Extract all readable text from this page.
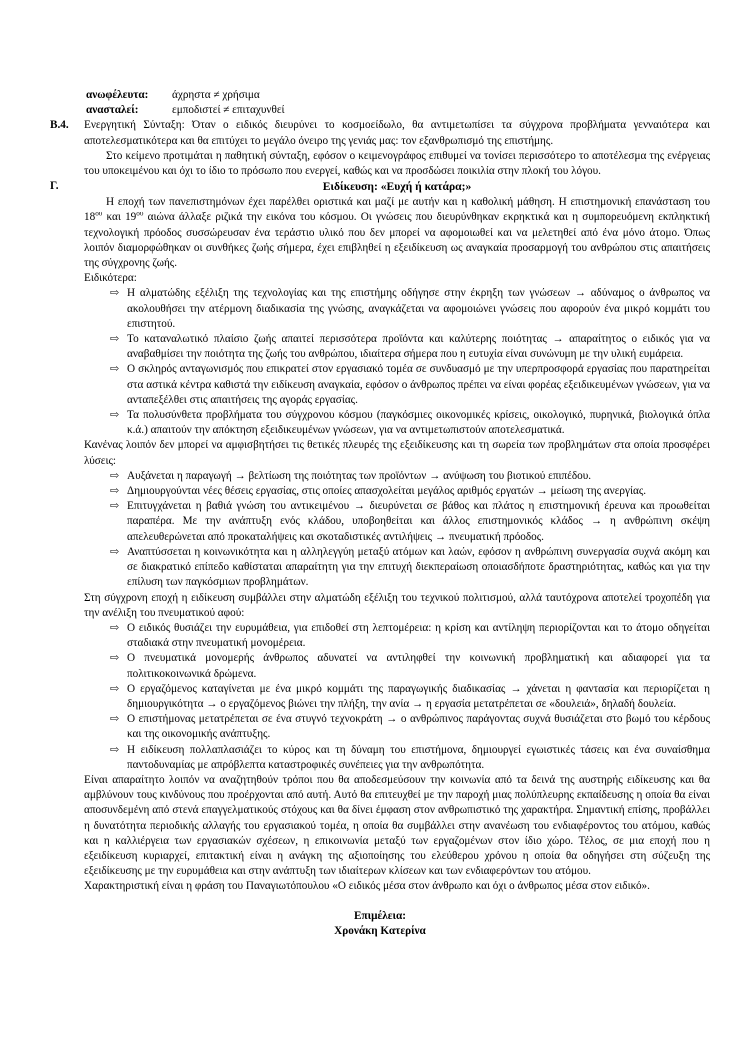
ανωφέλευτα:	άχρηστα ≠ χρήσιμα
ανασταλεί:	εμποδιστεί ≠ επιταχυνθεί
B.4.	Ενεργητική Σύνταξη: Όταν ο ειδικός διευρύνει το κοσμοείδωλο, θα αντιμετωπίσει τα σύγχρονα προβλήματα γενναιότερα και αποτελεσματικότερα και θα επιτύχει το μεγάλο όνειρο της γενιάς μας: τον εξανθρωπισμό της επιστήμης.

Στο κείμενο προτιμάται η παθητική σύνταξη, εφόσον ο κειμενογράφος επιθυμεί να τονίσει περισσότερο το αποτέλεσμα της ενέργειας του υποκειμένου και όχι το ίδιο το πρόσωπο που ενεργεί, καθώς και να προσδώσει ποικιλία στην πλοκή του λόγου.

Γ.	Ειδίκευση: «Ευχή ή κατάρα;»

Η εποχή των πανεπιστημόνων έχει παρέλθει οριστικά και μαζί με αυτήν και η καθολική μάθηση. Η επιστημονική επανάσταση του $18^{o\upsilon}$ και $19^{o\upsilon}$ αιώνα άλλαξε ριζικά την εικόνα του κόσμου. Οι γνώσεις που διευρύνθηκαν εκρηκτικά και η συμπορευόμενη εκπληκτική τεχνολογική πρόοδος συσσώρευσαν ένα τεράστιο υλικό που δεν μπορεί να αφομοιωθεί και να μελετηθεί από ένα μόνο άτομο. Όπως λοιπόν διαμορφώθηκαν οι συνθήκες ζωής σήμερα, έχει επιβληθεί η εξειδίκευση ως αναγκαία προσαρμογή του ανθρώπου στις απαιτήσεις της σύγχρονης ζωής.

Ειδικότερα:

⇨ Η αλματώδης εξέλιξη της τεχνολογίας και της επιστήμης οδήγησε στην έκρηξη των γνώσεων → αδύναμος ο άνθρωπος να ακολουθήσει την ατέρμονη διαδικασία της γνώσης, αναγκάζεται να αφομοιώνει γνώσεις που αφορούν ένα μικρό κομμάτι του επιστητού.
⇨ Το καταναλωτικό πλαίσιο ζωής απαιτεί περισσότερα προϊόντα και καλύτερης ποιότητας → απαραίτητος ο ειδικός για να αναβαθμίσει την ποιότητα της ζωής του ανθρώπου, ιδιαίτερα σήμερα που η ευτυχία είναι συνώνυμη με την υλική ευμάρεια.
⇨ Ο σκληρός ανταγωνισμός που επικρατεί στον εργασιακό τομέα σε συνδυασμό με την υπερπροσφορά εργασίας που παρατηρείται στα αστικά κέντρα καθιστά την ειδίκευση αναγκαία, εφόσον ο άνθρωπος πρέπει να είναι φορέας εξειδικευμένων γνώσεων, για να ανταπεξέλθει στις απαιτήσεις της αγοράς εργασίας.
⇨ Τα πολυσύνθετα προβλήματα του σύγχρονου κόσμου (παγκόσμιες οικονομικές κρίσεις, οικολογικό, πυρηνικά, βιολογικά όπλα κ.ά.) απαιτούν την απόκτηση εξειδικευμένων γνώσεων, για να αντιμετωπιστούν αποτελεσματικά.

Κανένας λοιπόν δεν μπορεί να αμφισβητήσει τις θετικές πλευρές της εξειδίκευσης και τη σωρεία των προβλημάτων στα οποία προσφέρει λύσεις:

⇨ Αυξάνεται η παραγωγή → βελτίωση της ποιότητας των προϊόντων → ανύψωση του βιοτικού επιπέδου.
⇨ Δημιουργούνται νέες θέσεις εργασίας, στις οποίες απασχολείται μεγάλος αριθμός εργατών → μείωση της ανεργίας.
⇨ Επιτυγχάνεται η βαθιά γνώση του αντικειμένου → διευρύνεται σε βάθος και πλάτος η επιστημονική έρευνα και προωθείται παραπέρα. Με την ανάπτυξη ενός κλάδου, υποβοηθείται και άλλος επιστημονικός κλάδος → η ανθρώπινη σκέψη απελευθερώνεται από προκαταλήψεις και σκοταδιστικές αντιλήψεις → πνευματική πρόοδος.
⇨ Αναπτύσσεται η κοινωνικότητα και η αλληλεγγύη μεταξύ ατόμων και λαών, εφόσον η ανθρώπινη συνεργασία συχνά ακόμη και σε διακρατικό επίπεδο καθίσταται απαραίτητη για την επιτυχή διεκπεραίωση οποιασδήποτε δραστηριότητας, καθώς και για την επίλυση των παγκόσμιων προβλημάτων.

Στη σύγχρονη εποχή η ειδίκευση συμβάλλει στην αλματώδη εξέλιξη του τεχνικού πολιτισμού, αλλά ταυτόχρονα αποτελεί τροχοπέδη για την ανέλιξη του πνευματικού αφού:

⇨ Ο ειδικός θυσιάζει την ευρυμάθεια, για επιδοθεί στη λεπτομέρεια: η κρίση και αντίληψη περιορίζονται και το άτομο οδηγείται σταδιακά στην πνευματική μονομέρεια.
⇨ Ο πνευματικά μονομερής άνθρωπος αδυνατεί να αντιληφθεί την κοινωνική προβληματική και αδιαφορεί για τα πολιτικοκοινωνικά δρώμενα.
⇨ Ο εργαζόμενος καταγίνεται με ένα μικρό κομμάτι της παραγωγικής διαδικασίας → χάνεται η φαντασία και περιορίζεται η δημιουργικότητα → ο εργαζόμενος βιώνει την πλήξη, την ανία → η εργασία μετατρέπεται σε «δουλειά», δηλαδή δουλεία.
⇨ Ο επιστήμονας μετατρέπεται σε ένα στυγνό τεχνοκράτη → ο ανθρώπινος παράγοντας συχνά θυσιάζεται στο βωμό του κέρδους και της οικονομικής ανάπτυξης.
⇨ Η ειδίκευση πολλαπλασιάζει το κύρος και τη δύναμη του επιστήμονα, δημιουργεί εγωιστικές τάσεις και ένα συναίσθημα παντοδυναμίας με απρόβλεπτα καταστροφικές συνέπειες για την ανθρωπότητα.

Είναι απαραίτητο λοιπόν να αναζητηθούν τρόποι που θα αποδεσμεύσουν την κοινωνία από τα δεινά της αυστηρής ειδίκευσης και θα αμβλύνουν τους κινδύνους που προέρχονται από αυτή. Αυτό θα επιτευχθεί με την παροχή μιας πολύπλευρης εκπαίδευσης η οποία θα είναι αποσυνδεμένη από στενά επαγγελματικούς στόχους και θα δίνει έμφαση στον ανθρωπιστικό της χαρακτήρα. Σημαντική επίσης, προβάλλει η δυνατότητα περιοδικής αλλαγής του εργασιακού τομέα, η οποία θα συμβάλλει στην ανανέωση του ενδιαφέροντος του ατόμου, καθώς και η καλλιέργεια των εργασιακών σχέσεων, η επικοινωνία μεταξύ των εργαζομένων στον ίδιο χώρο. Τέλος, σε μια εποχή που η εξειδίκευση κυριαρχεί, επιτακτική είναι η ανάγκη της αξιοποίησης του ελεύθερου χρόνου η οποία θα οδηγήσει στη σύζευξη της εξειδίκευσης με την ευρυμάθεια και στην ανάπτυξη των ιδιαίτερων κλίσεων και των ενδιαφερόντων του ατόμου.

Χαρακτηριστική είναι η φράση του Παναγιωτόπουλου «Ο ειδικός μέσα στον άνθρωπο και όχι ο άνθρωπος μέσα στον ειδικό».

Επιμέλεια:
Χρονάκη Κατερίνα
